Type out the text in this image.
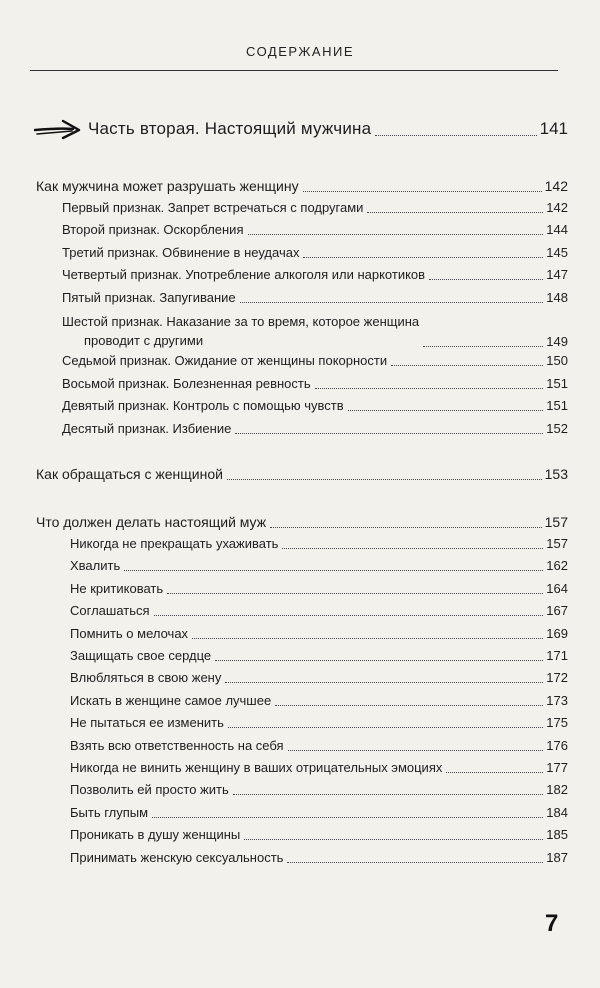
СОДЕРЖАНИЕ
Часть вторая. Настоящий мужчина	141
Как мужчина может разрушать женщину	142
Первый признак. Запрет встречаться с подругами	142
Второй признак. Оскорбления	144
Третий признак. Обвинение в неудачах	145
Четвертый признак. Употребление алкоголя или наркотиков	147
Пятый признак. Запугивание	148
Шестой признак. Наказание за то время, которое женщина
проводит с другими	149
Седьмой признак. Ожидание от женщины покорности	150
Восьмой признак. Болезненная ревность	151
Девятый признак. Контроль с помощью чувств	151
Десятый признак. Избиение	152
Как обращаться с женщиной	153
Что должен делать настоящий муж	157
Никогда не прекращать ухаживать	157
Хвалить	162
Не критиковать	164
Соглашаться	167
Помнить о мелочах	169
Защищать свое сердце	171
Влюбляться в свою жену	172
Искать в женщине самое лучшее	173
Не пытаться ее изменить	175
Взять всю ответственность на себя	176
Никогда не винить женщину в ваших отрицательных эмоциях	177
Позволить ей просто жить	182
Быть глупым	184
Проникать в душу женщины	185
Принимать женскую сексуальность	187
7
